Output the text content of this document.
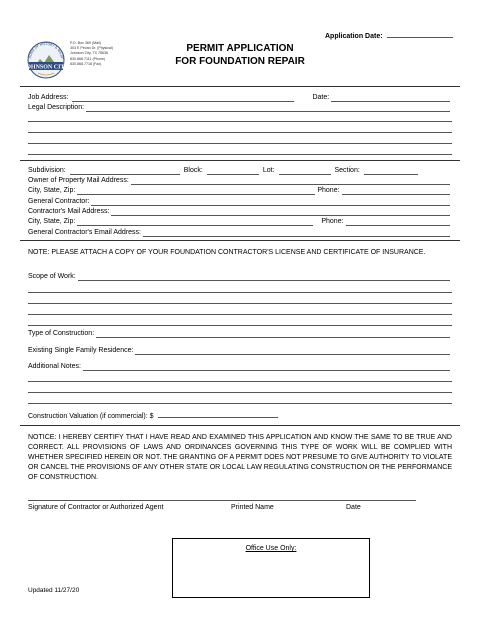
Application Date:
HOME OF HISTORY & WILDF
JOHNSON CIT
P.O. Box 369 (Mail)
303 E Pecan Dr. (Physical)
Johnson City, TX 78636
830.868.7111 (Phone)
830.868.7718 (Fax)
PERMIT APPLICATION
FOR FOUNDATION REPAIR
Job Address:	Date:
Legal Description:
Subdivision:	Block:	Lot:	Section:
Owner of Property Mail Address:
City, State, Zip:	Phone:
General Contractor:
Contractor's Mail Address:
City, State, Zip:	Phone:
General Contractor's Email Address:
NOTE: PLEASE ATTACH A COPY OF YOUR FOUNDATION CONTRACTOR'S LICENSE AND CERTIFICATE OF INSURANCE.
Scope of Work:
Type of Construction:
Existing Single Family Residence:
Additional Notes:
Construction Valuation (if commercial): $
NOTICE: I HEREBY CERTIFY THAT I HAVE READ AND EXAMINED THIS APPLICATION AND KNOW THE SAME TO BE TRUE AND CORRECT. ALL PROVISIONS OF LAWS AND ORDINANCES GOVERNING THIS TYPE OF WORK WILL BE COMPLIED WITH WHETHER SPECIFIED HEREIN OR NOT. THE GRANTING OF A PERMIT DOES NOT PRESUME TO GIVE AUTHORITY TO VIOLATE OR CANCEL THE PROVISIONS OF ANY OTHER STATE OR LOCAL LAW REGULATING CONSTRUCTION OR THE PERFORMANCE OF CONSTRUCTION.
Signature of Contractor or Authorized Agent	Printed Name	Date
Office Use Only:
Updated 11/27/20
